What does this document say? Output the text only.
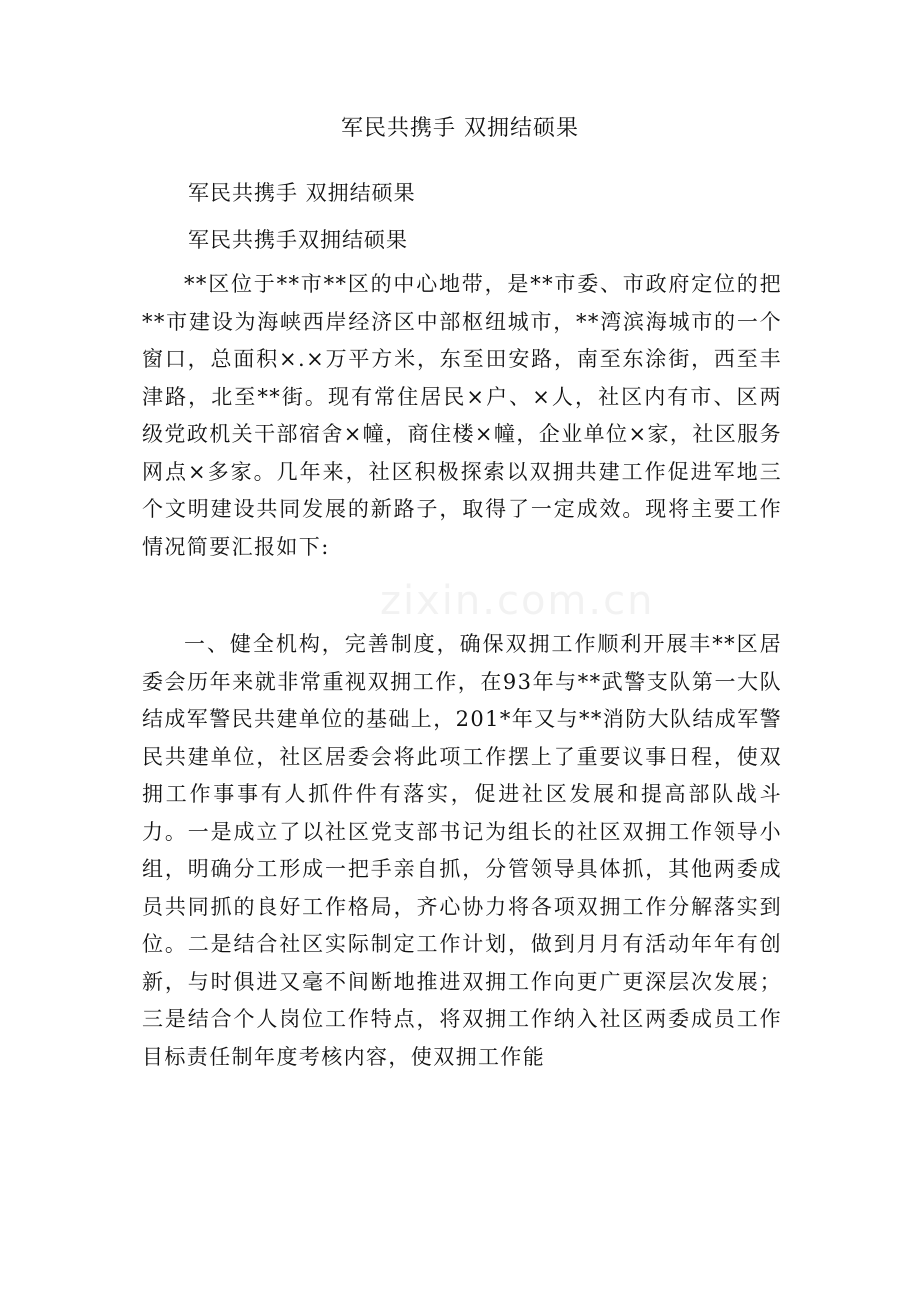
军民共携手 双拥结硕果
军民共携手 双拥结硕果
军民共携手双拥结硕果

**区位于**市**区的中心地带，是**市委、市政府定位的把**市建设为海峡西岸经济区中部枢纽城市，**湾滨海城市的一个窗口，总面积×.×万平方米，东至田安路，南至东涂街，西至丰津路，北至**街。现有常住居民×户、×人，社区内有市、区两级党政机关干部宿舍×幢，商住楼×幢，企业单位×家，社区服务网点×多家。几年来，社区积极探索以双拥共建工作促进军地三个文明建设共同发展的新路子，取得了一定成效。现将主要工作情况简要汇报如下:

一、健全机构，完善制度，确保双拥工作顺利开展丰**区居委会历年来就非常重视双拥工作，在93年与**武警支队第一大队结成军警民共建单位的基础上，201*年又与**消防大队结成军警民共建单位，社区居委会将此项工作摆上了重要议事日程，使双拥工作事事有人抓件件有落实，促进社区发展和提高部队战斗力。一是成立了以社区党支部书记为组长的社区双拥工作领导小组，明确分工形成一把手亲自抓，分管领导具体抓，其他两委成员共同抓的良好工作格局，齐心协力将各项双拥工作分解落实到位。二是结合社区实际制定工作计划，做到月月有活动年年有创新，与时俱进又毫不间断地推进双拥工作向更广更深层次发展；三是结合个人岗位工作特点，将双拥工作纳入社区两委成员工作目标责任制年度考核内容，使双拥工作能

zixin.com.cn
